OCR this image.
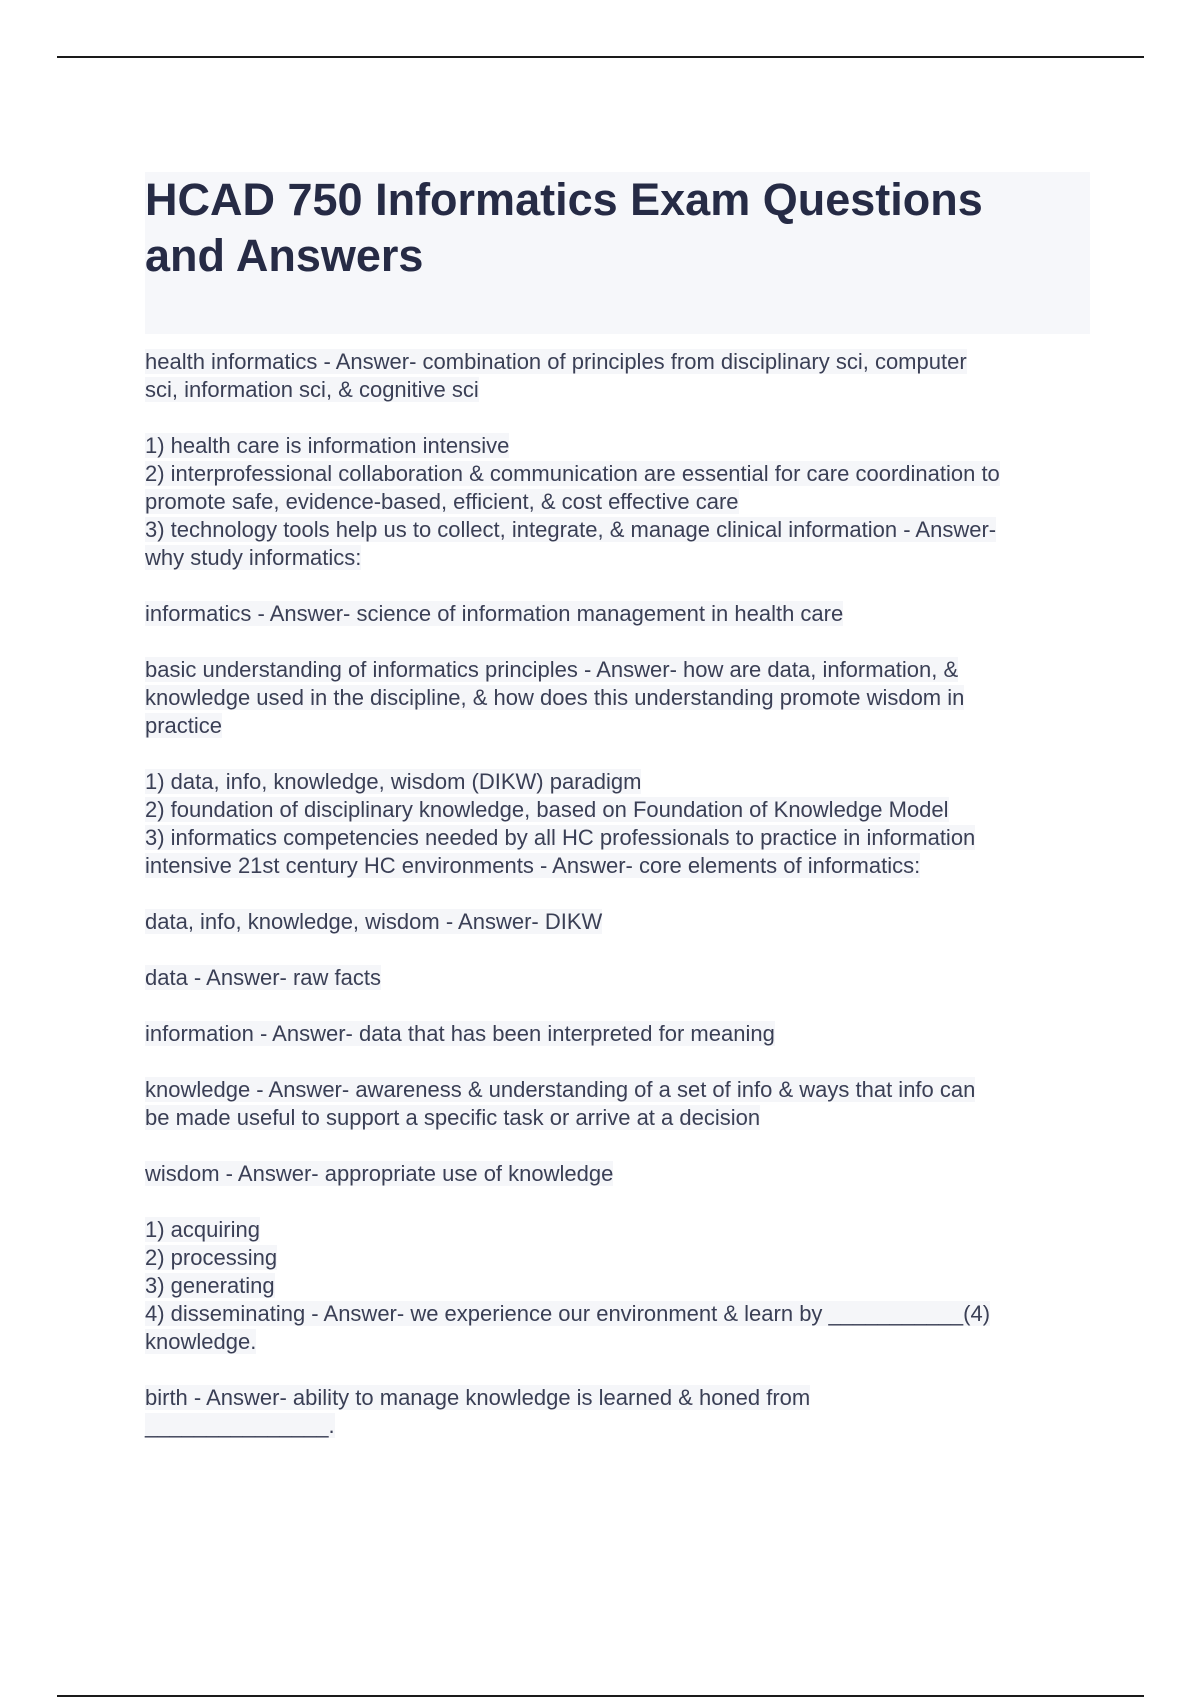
HCAD 750 Informatics Exam Questions
and Answers
health informatics - Answer- combination of principles from disciplinary sci, computer
sci, information sci, & cognitive sci
1) health care is information intensive
2) interprofessional collaboration & communication are essential for care coordination to
promote safe, evidence-based, efficient, & cost effective care
3) technology tools help us to collect, integrate, & manage clinical information - Answer-
why study informatics:
informatics - Answer- science of information management in health care
basic understanding of informatics principles - Answer- how are data, information, &
knowledge used in the discipline, & how does this understanding promote wisdom in
practice
1) data, info, knowledge, wisdom (DIKW) paradigm
2) foundation of disciplinary knowledge, based on Foundation of Knowledge Model
3) informatics competencies needed by all HC professionals to practice in information
intensive 21st century HC environments - Answer- core elements of informatics:
data, info, knowledge, wisdom - Answer- DIKW
data - Answer- raw facts
information - Answer- data that has been interpreted for meaning
knowledge - Answer- awareness & understanding of a set of info & ways that info can
be made useful to support a specific task or arrive at a decision
wisdom - Answer- appropriate use of knowledge
1) acquiring
2) processing
3) generating
4) disseminating - Answer- we experience our environment & learn by ___________(4)
knowledge.
birth - Answer- ability to manage knowledge is learned & honed from
_______________.
